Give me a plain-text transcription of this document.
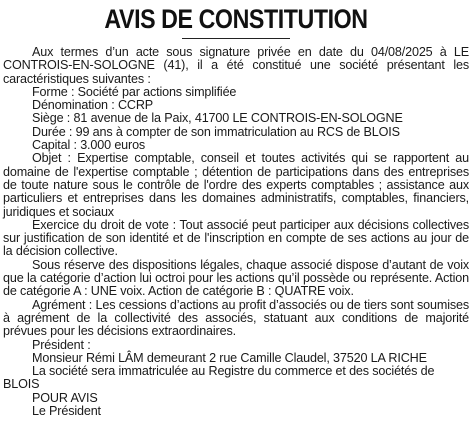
AVIS DE CONSTITUTION

Aux termes d’un acte sous signature privée en date du 04/08/2025 à LE CONTROIS-EN-SOLOGNE (41), il a été constitué une société présentant les caractéristiques suivantes :

Forme : Société par actions simplifiée

Dénomination : CCRP

Siège : 81 avenue de la Paix, 41700 LE CONTROIS-EN-SOLOGNE

Durée : 99 ans à compter de son immatriculation au RCS de BLOIS

Capital : 3.000 euros

Objet : Expertise comptable, conseil et toutes activités qui se rapportent au domaine de l'expertise comptable ; détention de participations dans des entreprises de toute nature sous le contrôle de l'ordre des experts comptables ; assistance aux particuliers et entreprises dans les domaines administratifs, comptables, financiers, juridiques et sociaux

Exercice du droit de vote : Tout associé peut participer aux décisions collectives sur justification de son identité et de l'inscription en compte de ses actions au jour de la décision collective.

Sous réserve des dispositions légales, chaque associé dispose d’autant de voix que la catégorie d’action lui octroi pour les actions qu’il possède ou représente. Action de catégorie A : UNE voix. Action de catégorie B : QUATRE voix.

Agrément : Les cessions d’actions au profit d’associés ou de tiers sont soumises à agrément de la collectivité des associés, statuant aux conditions de majorité prévues pour les décisions extraordinaires.

Président :

Monsieur Rémi LÂM demeurant 2 rue Camille Claudel, 37520 LA RICHE

La société sera immatriculée au Registre du commerce et des sociétés de BLOIS

POUR AVIS

Le Président
